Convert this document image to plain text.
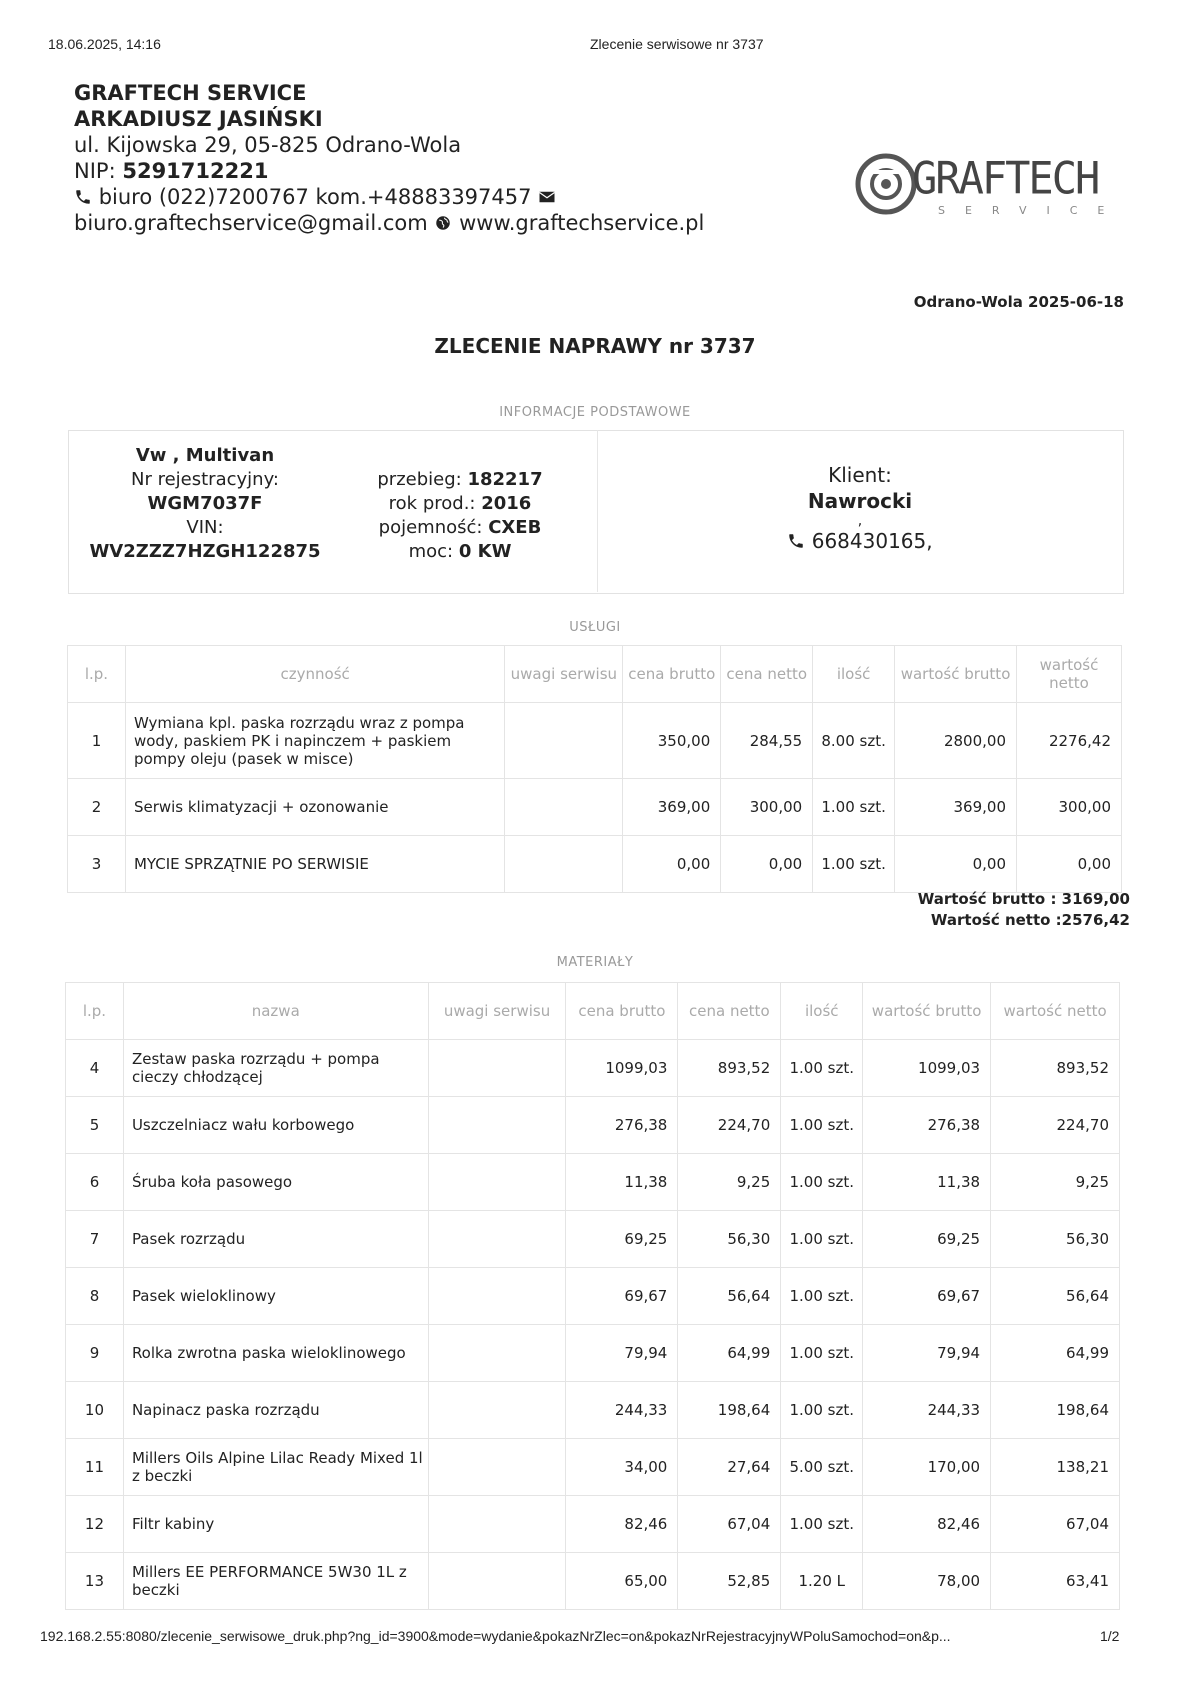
18.06.2025, 14:16	Zlecenie serwisowe nr 3737
GRAFTECH SERVICE
ARKADIUSZ JASIŃSKI
ul. Kijowska 29, 05-825 Odrano-Wola
NIP: 5291712221
biuro (022)7200767 kom.+48883397457
biuro.graftechservice@gmail.com www.graftechservice.pl
GRAFTECH
SERVICE
Odrano-Wola 2025-06-18
ZLECENIE NAPRAWY nr 3737
INFORMACJE PODSTAWOWE
Vw , Multivan
Nr rejestracyjny:
WGM7037F
VIN:
WV2ZZZ7HZGH122875
przebieg: 182217
rok prod.: 2016
pojemność: CXEB
moc: 0 KW
Klient:
Nawrocki
,
668430165,
USŁUGI
l.p.	czynność	uwagi serwisu	cena brutto	cena netto	ilość	wartość brutto	wartość netto
1	Wymiana kpl. paska rozrządu wraz z pompa wody, paskiem PK i napinczem + paskiem pompy oleju (pasek w misce)		350,00	284,55	8.00 szt.	2800,00	2276,42
2	Serwis klimatyzacji + ozonowanie		369,00	300,00	1.00 szt.	369,00	300,00
3	MYCIE SPRZĄTNIE PO SERWISIE		0,00	0,00	1.00 szt.	0,00	0,00
Wartość brutto : 3169,00
Wartość netto :2576,42
MATERIAŁY
l.p.	nazwa	uwagi serwisu	cena brutto	cena netto	ilość	wartość brutto	wartość netto
4	Zestaw paska rozrządu + pompa cieczy chłodzącej		1099,03	893,52	1.00 szt.	1099,03	893,52
5	Uszczelniacz wału korbowego		276,38	224,70	1.00 szt.	276,38	224,70
6	Śruba koła pasowego		11,38	9,25	1.00 szt.	11,38	9,25
7	Pasek rozrządu		69,25	56,30	1.00 szt.	69,25	56,30
8	Pasek wieloklinowy		69,67	56,64	1.00 szt.	69,67	56,64
9	Rolka zwrotna paska wieloklinowego		79,94	64,99	1.00 szt.	79,94	64,99
10	Napinacz paska rozrządu		244,33	198,64	1.00 szt.	244,33	198,64
11	Millers Oils Alpine Lilac Ready Mixed 1l z beczki		34,00	27,64	5.00 szt.	170,00	138,21
12	Filtr kabiny		82,46	67,04	1.00 szt.	82,46	67,04
13	Millers EE PERFORMANCE 5W30 1L z beczki		65,00	52,85	1.20 L	78,00	63,41
192.168.2.55:8080/zlecenie_serwisowe_druk.php?ng_id=3900&mode=wydanie&pokazNrZlec=on&pokazNrRejestracyjnyWPoluSamochod=on&p...	1/2
